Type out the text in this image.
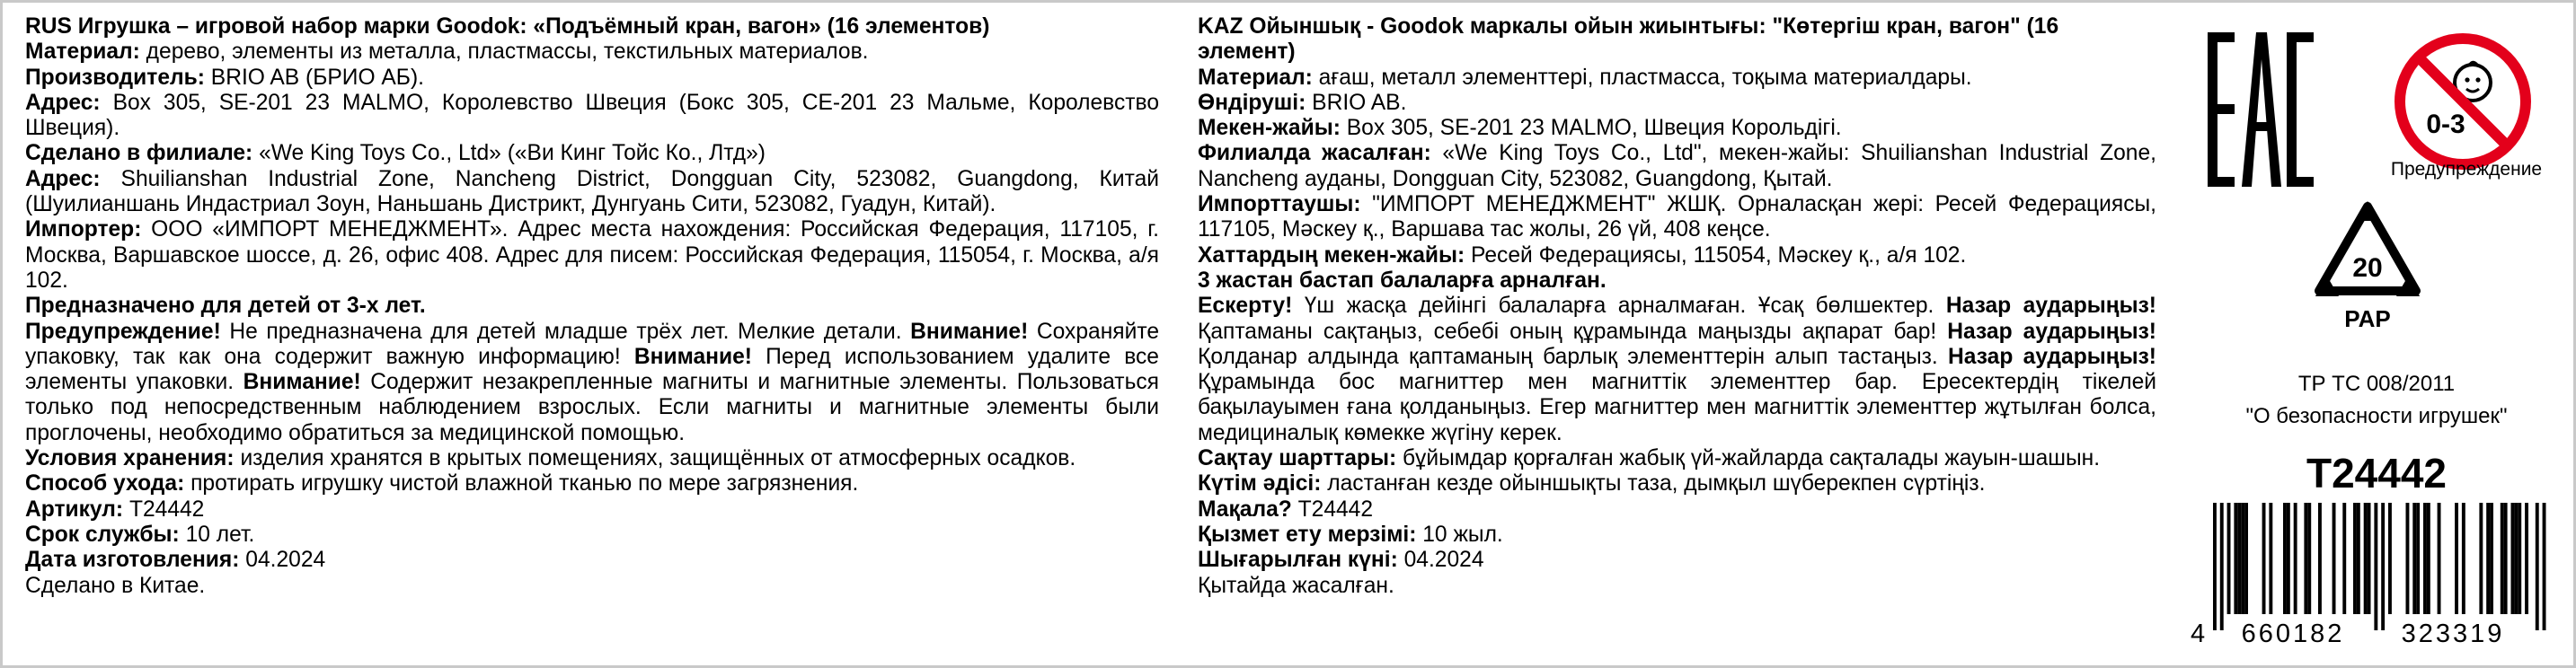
RUS Игрушка – игровой набор марки Goodok: «Подъёмный кран, вагон» (16 элементов)

Материал: дерево, элементы из металла, пластмассы, текстильных материалов.

Производитель: BRIO AB (БРИО АБ).

Адрес: Box 305, SE-201 23 MALMO, Королевство Швеция (Бокс 305, СЕ-201 23 Мальме, Королевство Швеция).

Сделано в филиале: «We King Toys Co., Ltd» («Ви Кинг Тойс Ко., Лтд»)

Адрес: Shuilianshan Industrial Zone, Nancheng District, Dongguan City, 523082, Guangdong, Китай (Шуилианшань Индастриал Зоун, Наньшань Дистрикт, Дунгуань Сити, 523082, Гуадун, Китай).

Импортер: ООО «ИМПОРТ МЕНЕДЖМЕНТ». Адрес места нахождения: Российская Федерация, 117105, г. Москва, Варшавское шоссе, д. 26, офис 408. Адрес для писем: Российская Федерация, 115054, г. Москва, а/я 102.

Предназначено для детей от 3-х лет.

Предупреждение! Не предназначена для детей младше трёх лет. Мелкие детали. Внимание! Сохраняйте упаковку, так как она содержит важную информацию! Внимание! Перед использованием удалите все элементы упаковки. Внимание! Содержит незакрепленные магниты и магнитные элементы. Пользоваться только под непосредственным наблюдением взрослых. Если магниты и магнитные элементы были проглочены, необходимо обратиться за медицинской помощью.

Условия хранения: изделия хранятся в крытых помещениях, защищённых от атмосферных осадков.

Способ ухода: протирать игрушку чистой влажной тканью по мере загрязнения.

Артикул: T24442

Срок службы: 10 лет.

Дата изготовления: 04.2024

Сделано в Китае.

KAZ Ойыншық - Goodok маркалы ойын жиынтығы: "Көтергіш кран, вагон" (16 элемент)

Материал: ағаш, металл элементтері, пластмасса, тоқыма материалдары.

Өндіруші: BRIO AB.

Мекен-жайы: Box 305, SE-201 23 MALMO, Швеция Корольдігі.

Филиалда жасалған: «We King Toys Co., Ltd", мекен-жайы: Shuilianshan Industrial Zone, Nancheng ауданы, Dongguan City, 523082, Guangdong, Қытай.

Импорттаушы: "ИМПОРТ МЕНЕДЖМЕНТ" ЖШҚ. Орналасқан жері: Ресей Федерациясы, 117105, Мәскеу қ., Варшава тас жолы, 26 үй, 408 кеңсе.

Хаттардың мекен-жайы: Ресей Федерациясы, 115054, Мәскеу қ., а/я 102.

3 жастан бастап балаларға арналған.

Ескерту! Үш жасқа дейінгі балаларға арналмаған. Ұсақ бөлшектер. Назар аударыңыз! Қаптаманы сақтаңыз, себебі оның құрамында маңызды ақпарат бар! Назар аударыңыз! Қолданар алдында қаптаманың барлық элементтерін алып тастаңыз. Назар аударыңыз! Құрамында бос магниттер мен магниттік элементтер бар. Ересектердің тікелей бақылауымен ғана қолданыңыз. Егер магниттер мен магниттік элементтер жұтылған болса, медициналық көмекке жүгіну керек.

Сақтау шарттары: бұйымдар қорғалған жабық үй-жайларда сақталады жауын-шашын.

Күтім әдісі: ластанған кезде ойыншықты таза, дымқыл шүберекпен сүртіңіз.

Мақала? T24442

Қызмет ету мерзімі: 10 жыл.

Шығарылған күні: 04.2024

Қытайда жасалған.

0-3
Предупреждение
20
PAP
ТР ТС 008/2011
"О безопасности игрушек"
T24442
4 660182 323319
